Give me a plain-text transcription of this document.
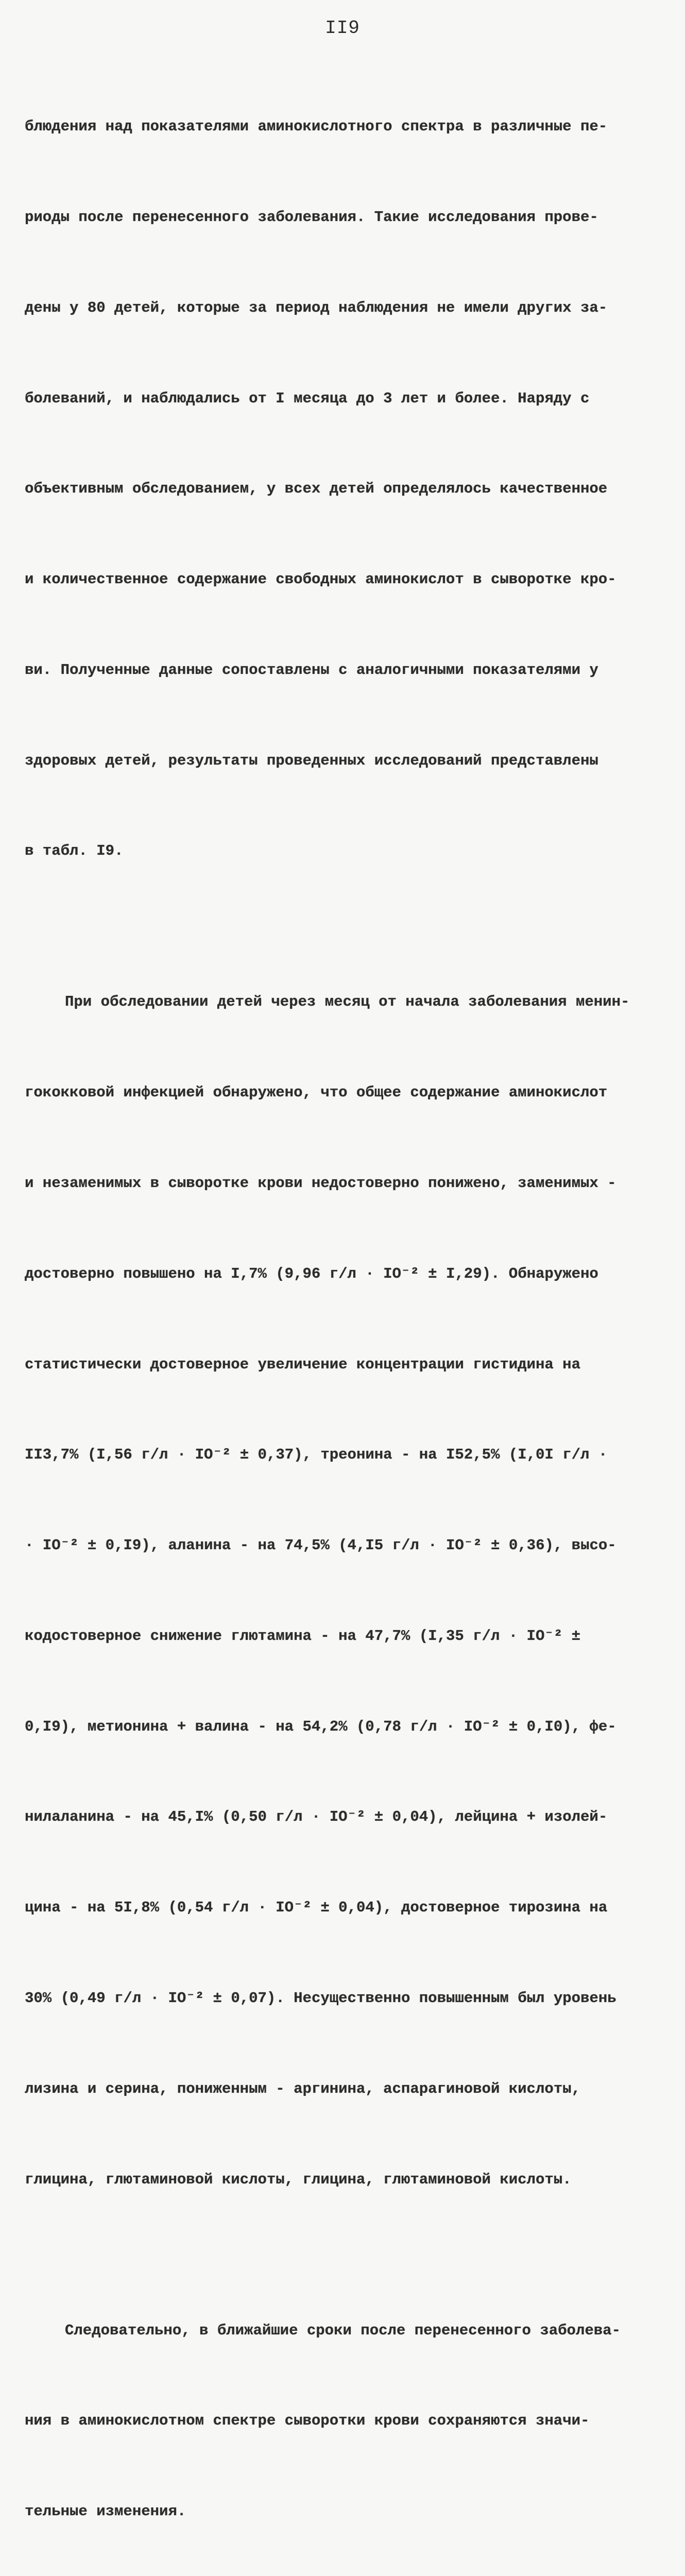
II9

блюдения над показателями аминокислотного спектра в различные пе-

риоды после перенесенного заболевания. Такие исследования прове-

дены у 80 детей, которые за период наблюдения не имели других за-

болеваний, и наблюдались от I месяца до 3 лет и более. Наряду с

объективным обследованием, у всех детей определялось качественное

и количественное содержание свободных аминокислот в сыворотке кро-

ви. Полученные данные сопоставлены с аналогичными показателями у

здоровых детей, результаты проведенных исследований представлены

в табл. I9.

При обследовании детей через месяц от начала заболевания менин-

гококковой инфекцией обнаружено, что общее содержание аминокислот

и незаменимых в сыворотке крови недостоверно понижено, заменимых -

достоверно повышено на I,7% (9,96 г/л · IO⁻² ± I,29). Обнаружено

статистически достоверное увеличение концентрации гистидина на

II3,7% (I,56 г/л · IO⁻² ± 0,37), треонина - на I52,5% (I,0I г/л ·

· IO⁻² ± 0,I9), аланина - на 74,5% (4,I5 г/л · IO⁻² ± 0,36), высо-

кодостоверное снижение глютамина - на 47,7% (I,35 г/л · IO⁻² ±

0,I9), метионина + валина - на 54,2% (0,78 г/л · IO⁻² ± 0,I0), фе-

нилаланина - на 45,I% (0,50 г/л · IO⁻² ± 0,04), лейцина + изолей-

цина - на 5I,8% (0,54 г/л · IO⁻² ± 0,04), достоверное тирозина на

30% (0,49 г/л · IO⁻² ± 0,07). Несущественно повышенным был уровень

лизина и серина, пониженным - аргинина, аспарагиновой кислоты,

глицина, глютаминовой кислоты, глицина, глютаминовой кислоты.

Следовательно, в ближайшие сроки после перенесенного заболева-

ния в аминокислотном спектре сыворотки крови сохраняются значи-

тельные изменения.
